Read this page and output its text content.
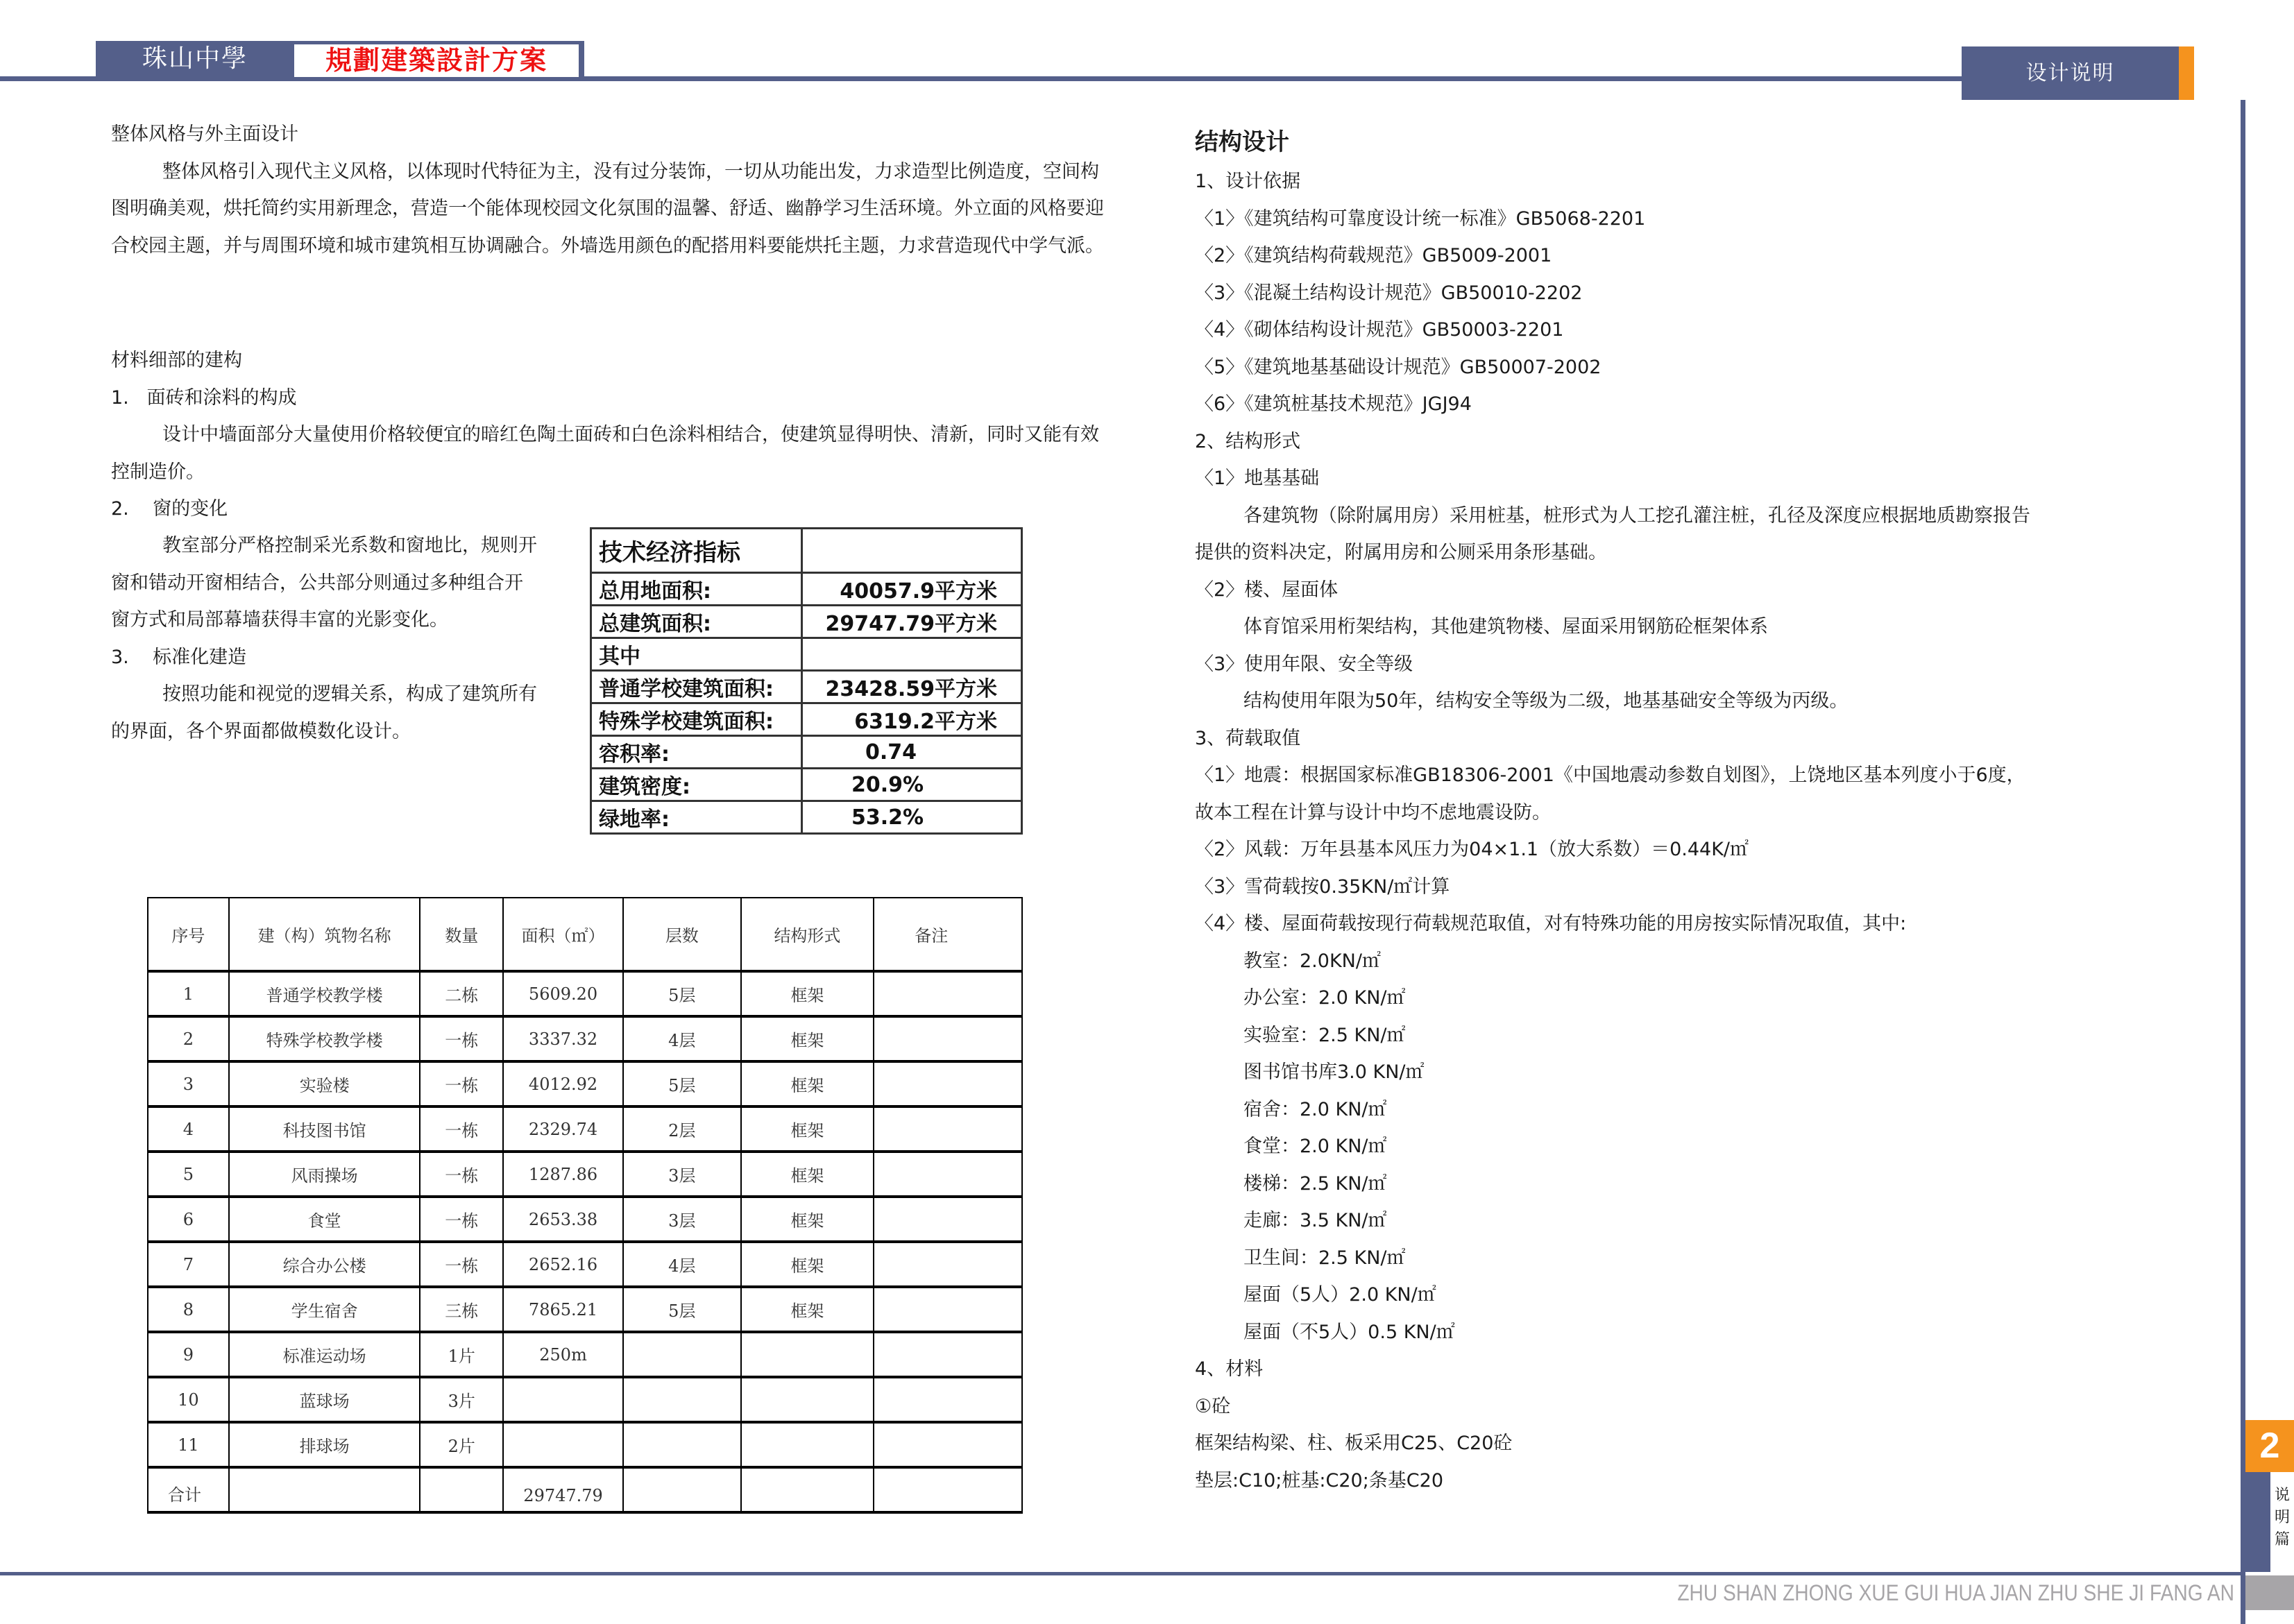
珠山中學	規劃建築設計方案	设计说明
整体风格与外主面设计
整体风格引入现代主义风格，以体现时代特征为主，没有过分装饰，一切从功能出发，力求造型比例造度，空间构图明确美观，烘托简约实用新理念，营造一个能体现校园文化氛围的温馨、舒适、幽静学习生活环境。外立面的风格要迎合校园主题，并与周围环境和城市建筑相互协调融合。外墙选用颜色的配搭用料要能烘托主题，力求营造现代中学气派。
材料细部的建构
1.   面砖和涂料的构成
设计中墙面部分大量使用价格较便宜的暗红色陶土面砖和白色涂料相结合，使建筑显得明快、清新，同时又能有效控制造价。
2.    窗的变化
教室部分严格控制采光系数和窗地比，规则开窗和错动开窗相结合，公共部分则通过多种组合开窗方式和局部幕墙获得丰富的光影变化。
3.    标准化建造
按照功能和视觉的逻辑关系，构成了建筑所有的界面，各个界面都做模数化设计。
技术经济指标	
总用地面积:	40057.9平方米
总建筑面积:	29747.79平方米
其中	
普通学校建筑面积:	23428.59平方米
特殊学校建筑面积:	6319.2平方米
容积率:	0.74
建筑密度:	20.9%
绿地率:	53.2%
序号	建（构）筑物名称	数量	面积（㎡）	层数	结构形式	备注
1	普通学校教学楼	二栋	5609.20	5层	框架	
2	特殊学校教学楼	一栋	3337.32	4层	框架	
3	实验楼	一栋	4012.92	5层	框架	
4	科技图书馆	一栋	2329.74	2层	框架	
5	风雨操场	一栋	1287.86	3层	框架	
6	食堂	一栋	2653.38	3层	框架	
7	综合办公楼	一栋	2652.16	4层	框架	
8	学生宿舍	三栋	7865.21	5层	框架	
9	标准运动场	1片	250m			
10	蓝球场	3片				
11	排球场	2片				
合计			29747.79			
结构设计
1、设计依据
〈1〉《建筑结构可靠度设计统一标准》GB5068-2201
〈2〉《建筑结构荷载规范》GB5009-2001
〈3〉《混凝土结构设计规范》GB50010-2202
〈4〉《砌体结构设计规范》GB50003-2201
〈5〉《建筑地基基础设计规范》GB50007-2002
〈6〉《建筑桩基技术规范》JGJ94
2、结构形式
〈1〉地基基础
各建筑物（除附属用房）采用桩基，桩形式为人工挖孔灌注桩，孔径及深度应根据地质勘察报告
提供的资料决定，附属用房和公厕采用条形基础。
〈2〉楼、屋面体
体育馆采用桁架结构，其他建筑物楼、屋面采用钢筋砼框架体系
〈3〉使用年限、安全等级
结构使用年限为50年，结构安全等级为二级，地基基础安全等级为丙级。
3、荷载取值
〈1〉地震：根据国家标准GB18306-2001《中国地震动参数自划图》，上饶地区基本列度小于6度，
故本工程在计算与设计中均不虑地震设防。
〈2〉风载：万年县基本风压力为04×1.1（放大系数）＝0.44K/㎡
〈3〉雪荷载按0.35KN/㎡计算
〈4〉楼、屋面荷载按现行荷载规范取值，对有特殊功能的用房按实际情况取值，其中:
教室：2.0KN/㎡
办公室：2.0 KN/㎡
实验室：2.5 KN/㎡
图书馆书库3.0 KN/㎡
宿舍：2.0 KN/㎡
食堂：2.0 KN/㎡
楼梯：2.5 KN/㎡
走廊：3.5 KN/㎡
卫生间：2.5 KN/㎡
屋面（5人）2.0 KN/㎡
屋面（不5人）0.5 KN/㎡
4、材料
①砼
框架结构梁、柱、板采用C25、C20砼
垫层:C10;桩基:C20;条基C20
ZHU SHAN ZHONG XUE GUI HUA JIAN ZHU SHE JI FANG AN
2
说
明
篇
